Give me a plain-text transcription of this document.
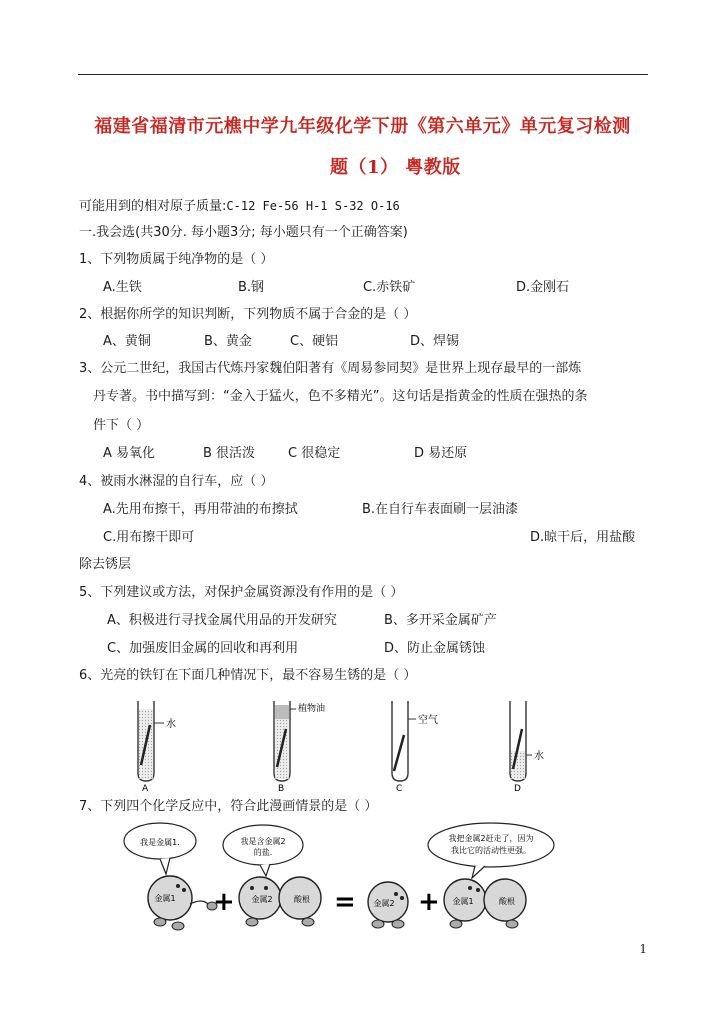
福建省福清市元樵中学九年级化学下册《第六单元》单元复习检测
题（1） 粤教版
可能用到的相对原子质量:C-12 Fe-56 H-1 S-32 O-16
一.我会选(共30分. 每小题3分; 每小题只有一个正确答案)
1、下列物质属于纯净物的是（ ）
A.生铁	B.钢	C.赤铁矿	D.金刚石
2、根据你所学的知识判断，下列物质不属于合金的是（ ）
A、黄铜	B、黄金	C、硬铝	D、焊锡
3、公元二世纪，我国古代炼丹家魏伯阳著有《周易参同契》是世界上现存最早的一部炼
丹专著。书中描写到：“金入于猛火，色不多精光”。这句话是指黄金的性质在强热的条
件下（ ）
A 易氧化	B 很活泼	C 很稳定	D 易还原
4、被雨水淋湿的自行车，应（ ）
A.先用布擦干，再用带油的布擦拭	B.在自行车表面刷一层油漆
C.用布擦干即可	D.晾干后，用盐酸
除去锈层
5、下列建议或方法，对保护金属资源没有作用的是（ ）
A、积极进行寻找金属代用品的开发研究	B、多开采金属矿产
C、加强废旧金属的回收和再利用	D、防止金属锈蚀
6、光亮的铁钉在下面几种情况下，最不容易生锈的是（ ）
水
A
植物油
B
空气
C
水
D
7、下列四个化学反应中，符合此漫画情景的是（ ）
我是金属1.	我是含金属2
的盐.
我把金属2赶走了，因为
我比它的活动性更强。
金属1 + 金属2	酸根 = 金属2 + 金属1	酸根
1
